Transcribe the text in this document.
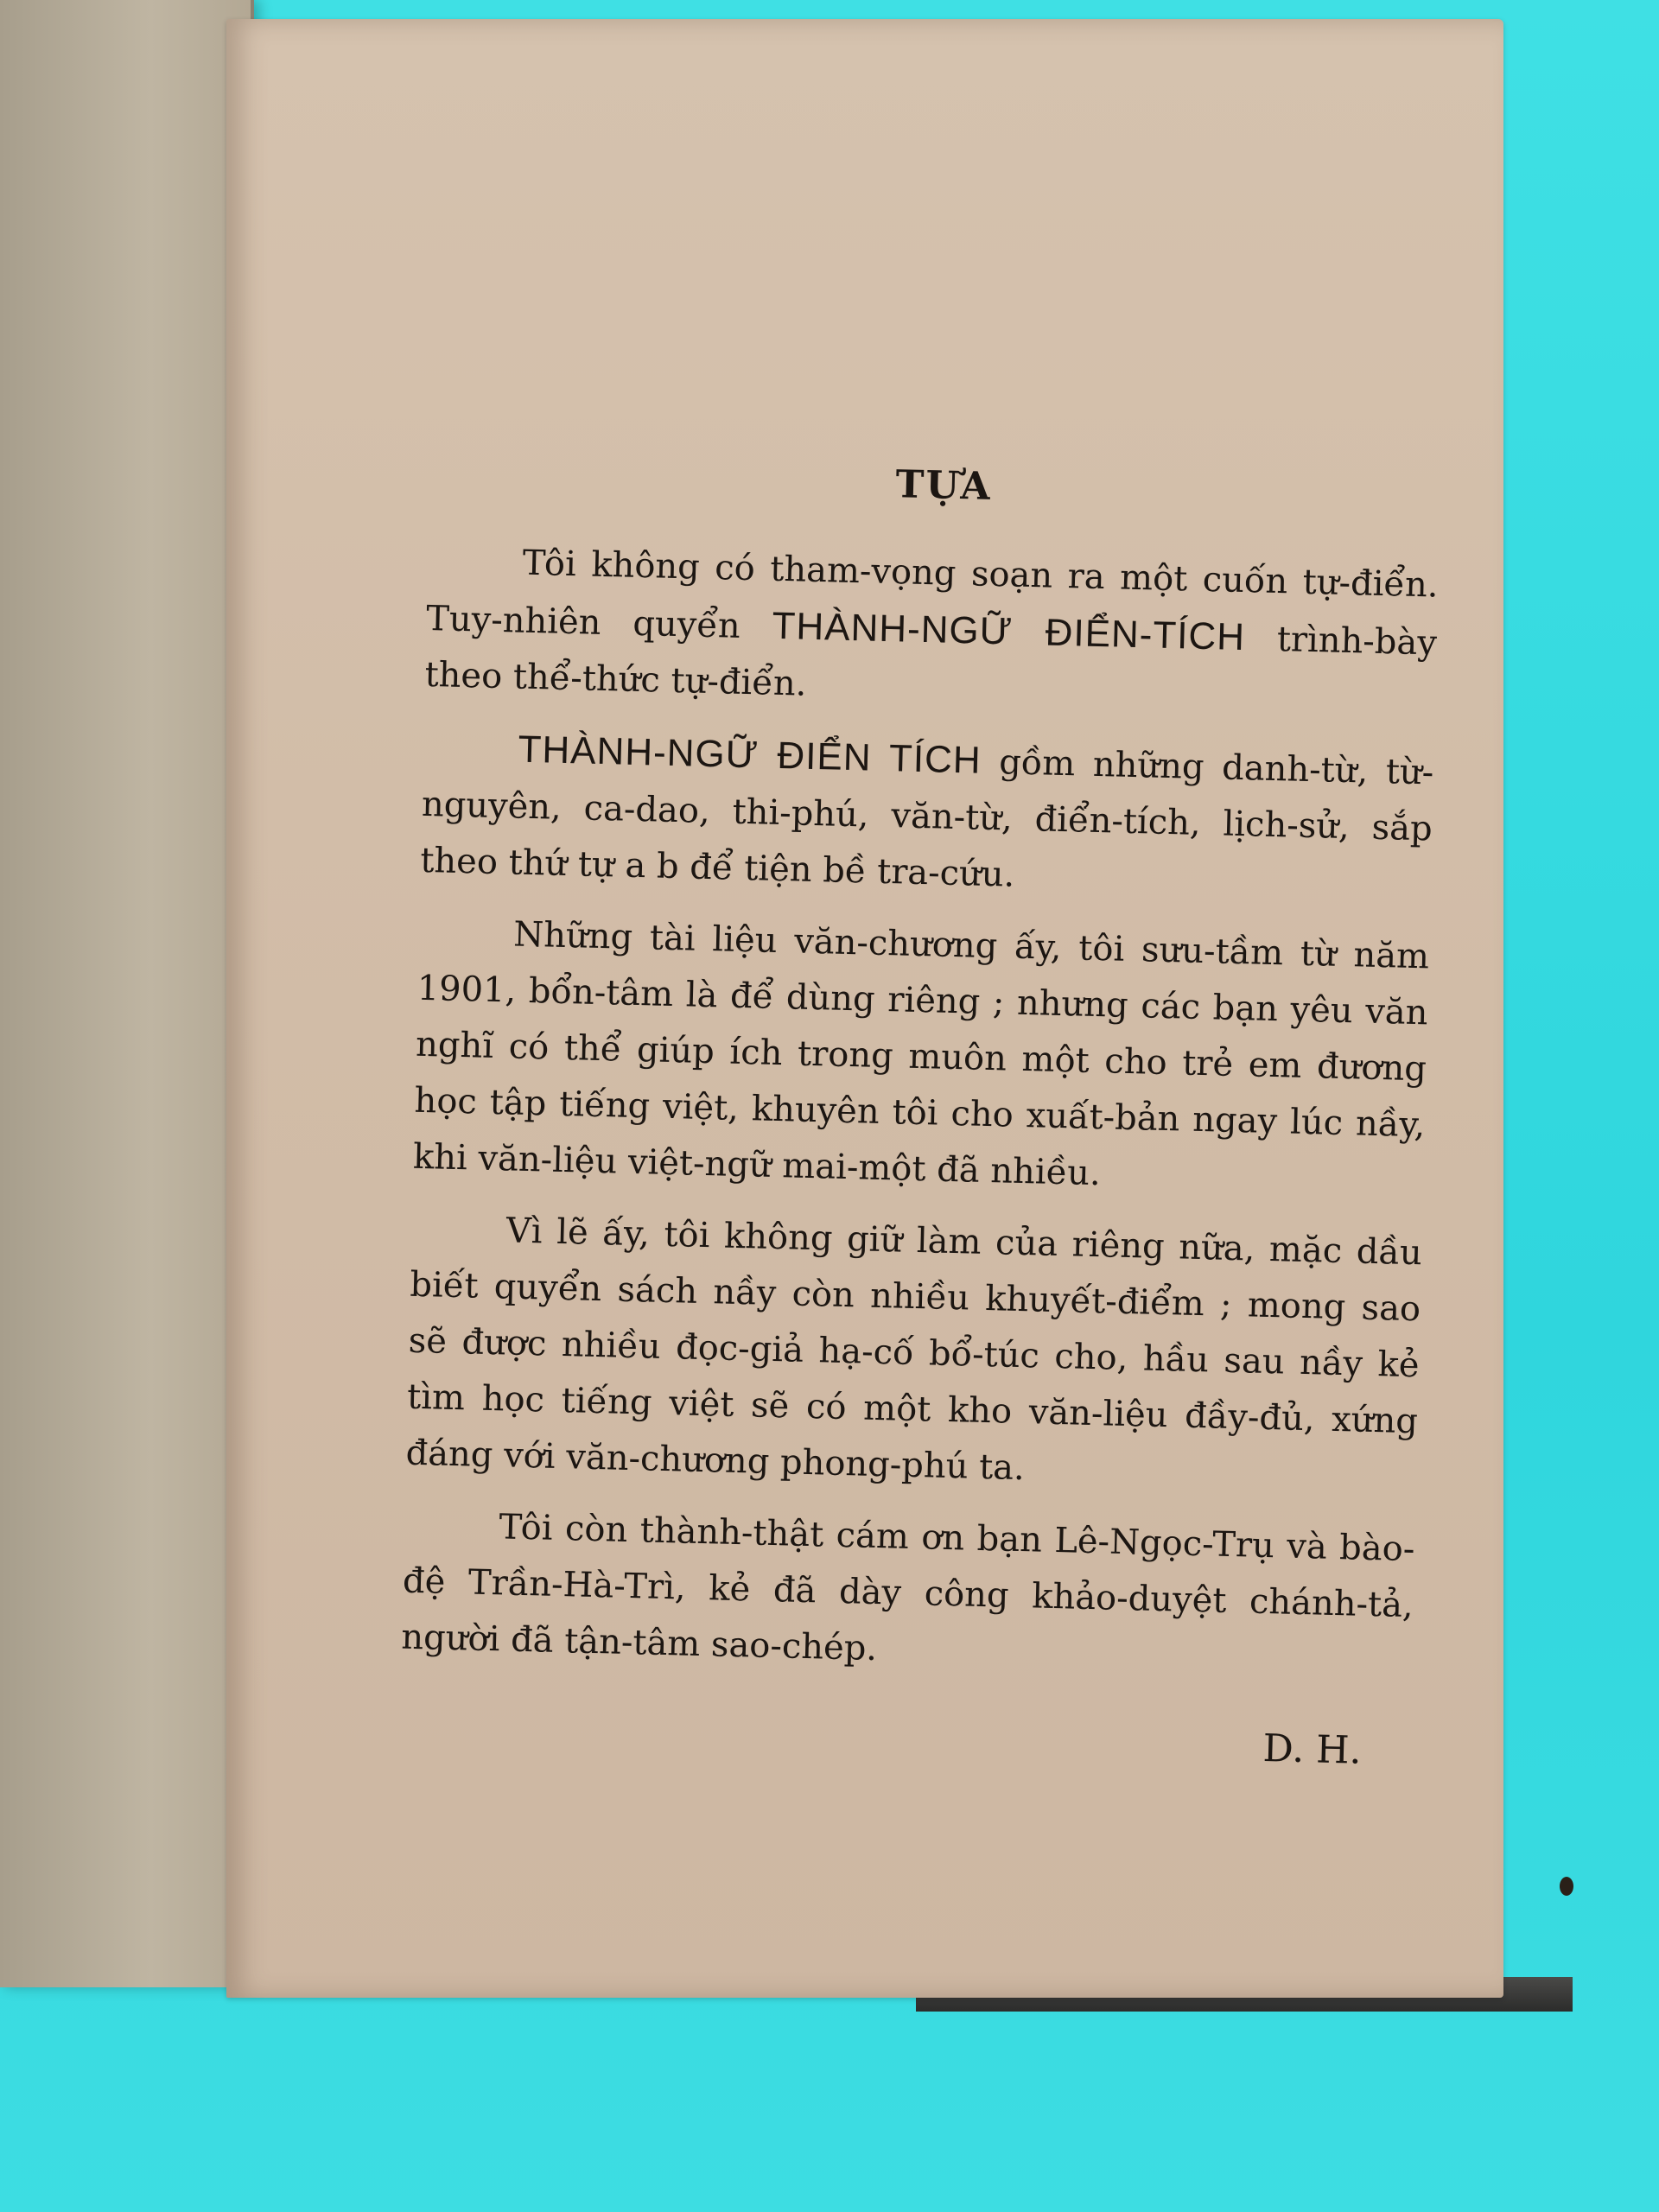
TỰA

Tôi không có tham-vọng soạn ra một cuốn tự-điển. Tuy-nhiên quyển THÀNH-NGỮ ĐIỂN-TÍCH trình-bày theo thể-thức tự-điển.

THÀNH-NGỮ ĐIỂN TÍCH gồm những danh-từ, từ-nguyên, ca-dao, thi-phú, văn-từ, điển-tích, lịch-sử, sắp theo thứ tự a b để tiện bề tra-cứu.

Những tài liệu văn-chương ấy, tôi sưu-tầm từ năm 1901, bổn-tâm là để dùng riêng ; nhưng các bạn yêu văn nghĩ có thể giúp ích trong muôn một cho trẻ em đương học tập tiếng việt, khuyên tôi cho xuất-bản ngay lúc nầy, khi văn-liệu việt-ngữ mai-một đã nhiều.

Vì lẽ ấy, tôi không giữ làm của riêng nữa, mặc dầu biết quyển sách nầy còn nhiều khuyết-điểm ; mong sao sẽ được nhiều đọc-giả hạ-cố bổ-túc cho, hầu sau nầy kẻ tìm học tiếng việt sẽ có một kho văn-liệu đầy-đủ, xứng đáng với văn-chương phong-phú ta.

Tôi còn thành-thật cám ơn bạn Lê-Ngọc-Trụ và bào-đệ Trần-Hà-Trì, kẻ đã dày công khảo-duyệt chánh-tả, người đã tận-tâm sao-chép.

D. H.
